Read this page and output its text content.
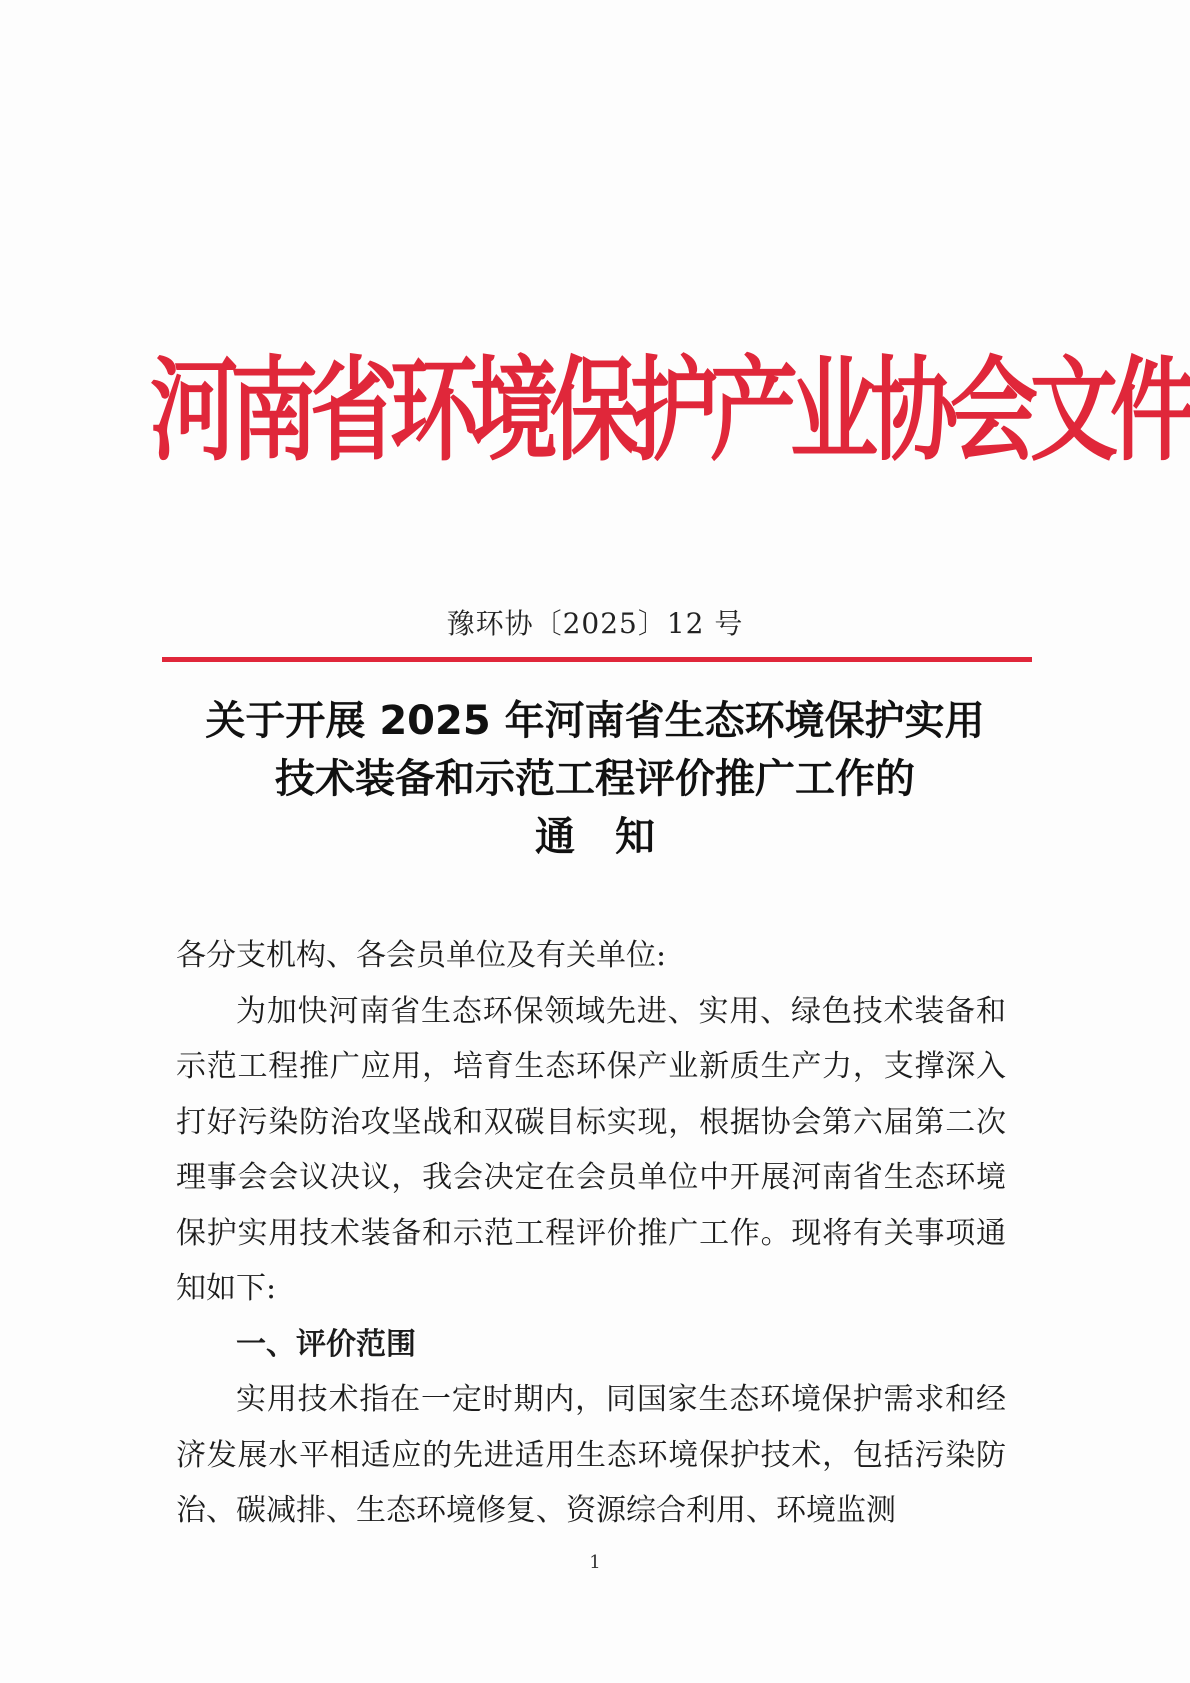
河南省环境保护产业协会文件
豫环协〔2025〕12 号
关于开展 2025 年河南省生态环境保护实用
技术装备和示范工程评价推广工作的
通知

各分支机构、各会员单位及有关单位:

为加快河南省生态环保领域先进、实用、绿色技术装备和示范工程推广应用，培育生态环保产业新质生产力，支撑深入打好污染防治攻坚战和双碳目标实现，根据协会第六届第二次理事会会议决议，我会决定在会员单位中开展河南省生态环境保护实用技术装备和示范工程评价推广工作。现将有关事项通知如下:

一、评价范围

实用技术指在一定时期内，同国家生态环境保护需求和经济发展水平相适应的先进适用生态环境保护技术，包括污染防治、碳减排、生态环境修复、资源综合利用、环境监测

1
